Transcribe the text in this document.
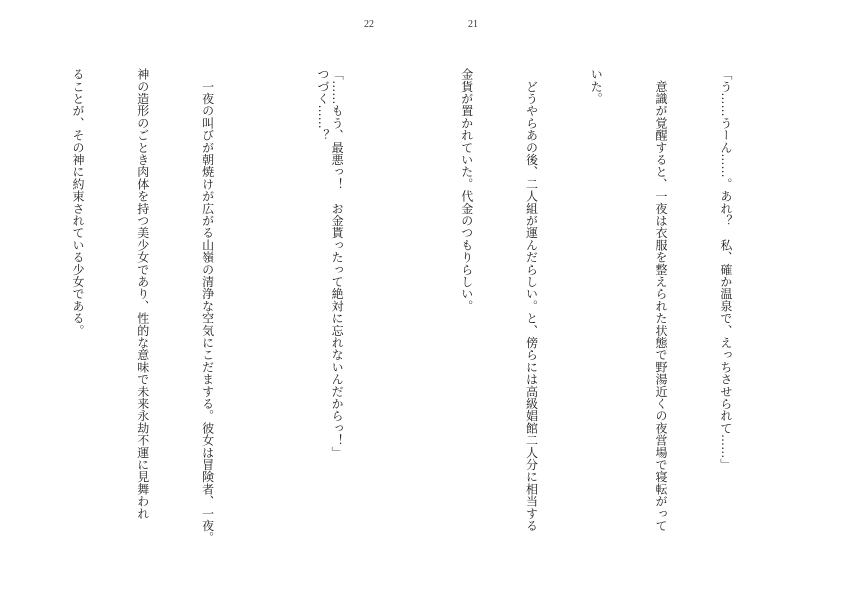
22	21

「う……うーん……。あれ？　私、確か温泉で、えっちさせられて……」

　意識が覚醒すると、一夜は衣服を整えられた状態で野湯近くの夜営場で寝転がって

いた。

　どうやらあの後、二人組が運んだらしい。と、傍らには高級娼館二人分に相当する

金貨が置かれていた。代金のつもりらしい。

「……もう、最悪っ！　お金貰ったって絶対に忘れないんだからっ！」

　一夜の叫びが朝焼けが広がる山嶺の清浄な空気にこだまする。彼女は冒険者、一夜。

神の造形のごとき肉体を持つ美少女であり、性的な意味で未来永劫不運に見舞われ

ることが、その神に約束されている少女である。

	つづく……？
